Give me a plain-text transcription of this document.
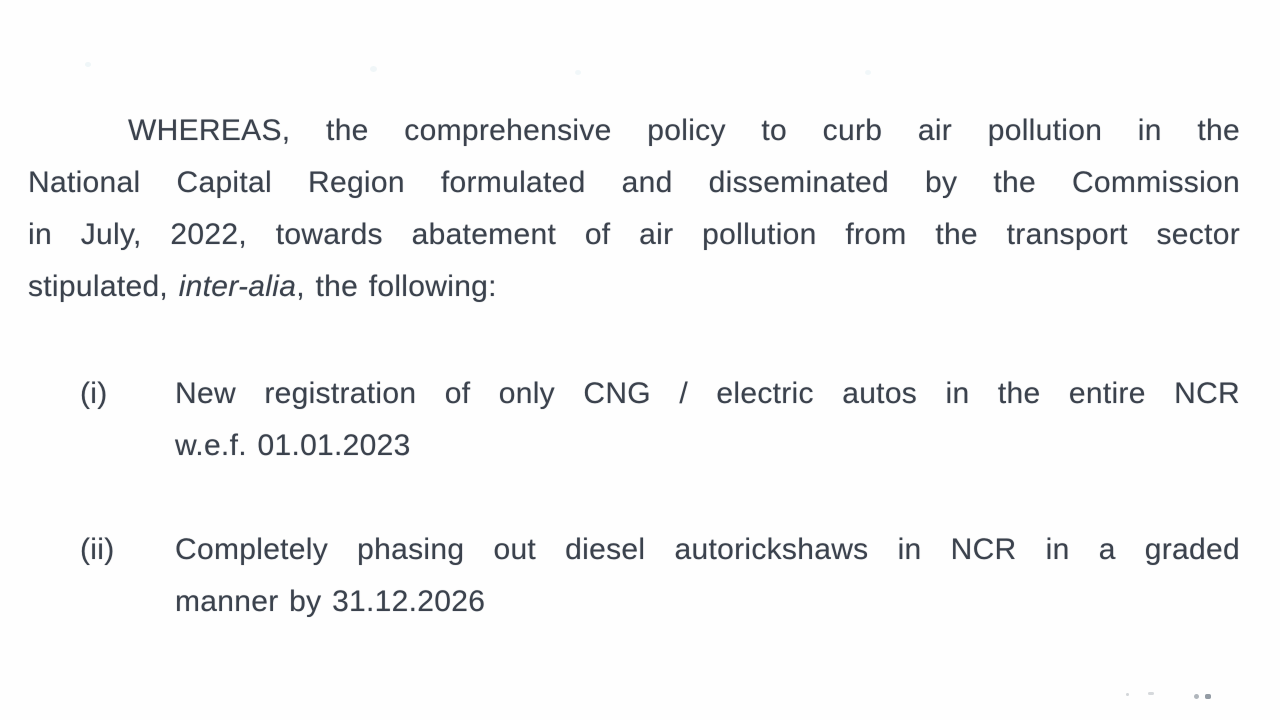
WHEREAS, the comprehensive policy to curb air pollution in the
National Capital Region formulated and disseminated by the Commission
in July, 2022, towards abatement of air pollution from the transport sector
stipulated, inter-alia, the following:
(i)	New registration of only CNG / electric autos in the entire NCR
w.e.f. 01.01.2023
(ii)	Completely phasing out diesel autorickshaws in NCR in a graded
manner by 31.12.2026
